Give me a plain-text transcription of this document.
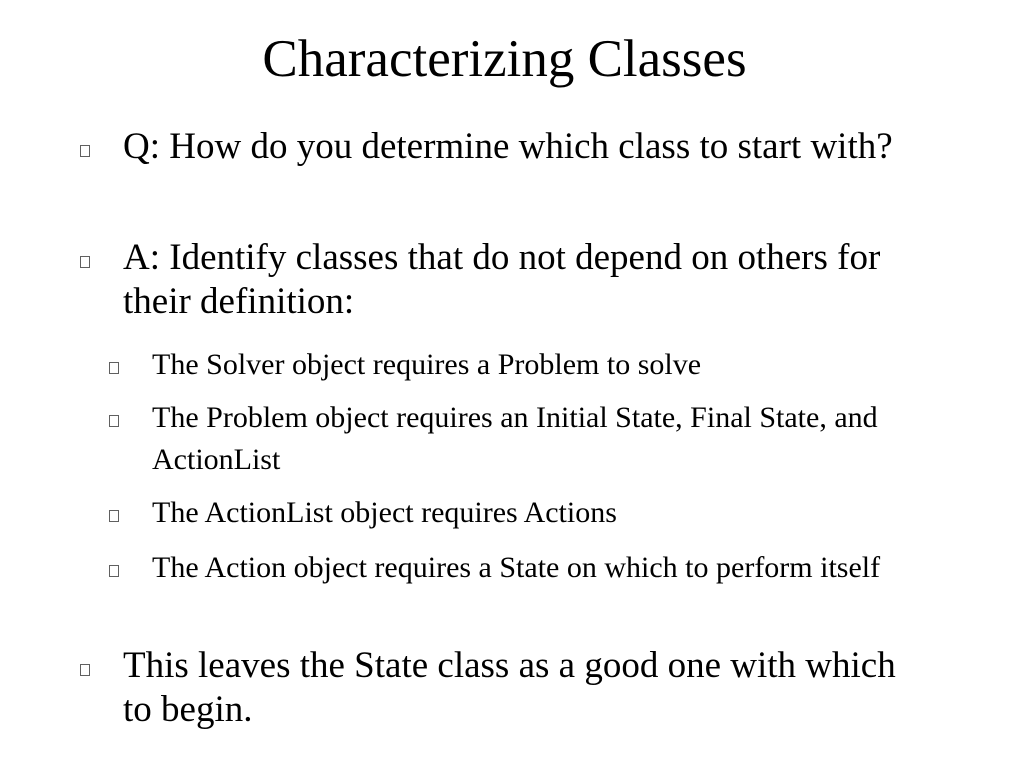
Characterizing Classes
Q: How do you determine which class to start with?
A: Identify classes that do not depend on others for their definition:
The Solver object requires a Problem to solve
The Problem object requires an Initial State, Final State, and ActionList
The ActionList object requires Actions
The Action object requires a State on which to perform itself
This leaves the State class as a good one with which to begin.
